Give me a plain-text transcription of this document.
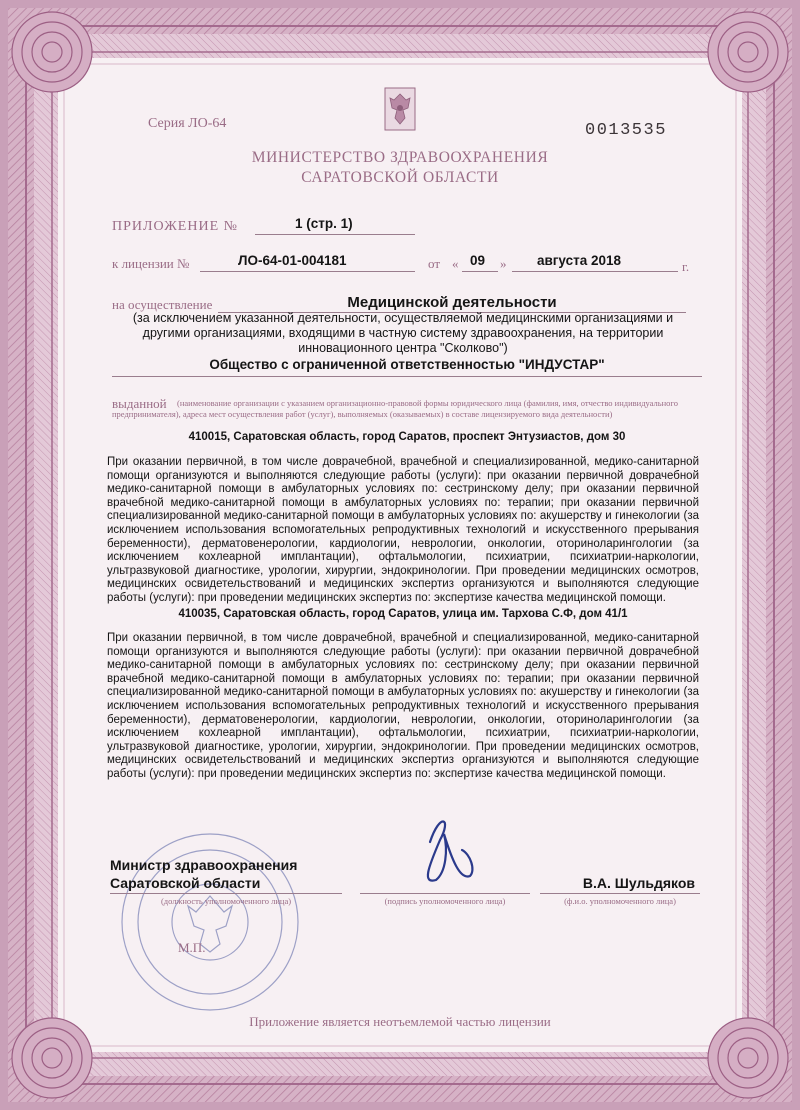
Серия ЛО-64	0013535
МИНИСТЕРСТВО ЗДРАВООХРАНЕНИЯ
САРАТОВСКОЙ ОБЛАСТИ
ПРИЛОЖЕНИЕ №	1 (стр. 1)
к лицензии №	ЛО-64-01-004181	от « 09 » августа 2018	г.
на осуществление	Медицинской деятельности
(за исключением указанной деятельности, осуществляемой медицинскими организациями и другими организациями, входящими в частную систему здравоохранения, на территории инновационного центра "Сколково")
Общество с ограниченной ответственностью "ИНДУСТАР"
выданной	(наименование организации с указанием организационно-правовой формы юридического лица (фамилия, имя, отчество индивидуального предпринимателя), адреса мест осуществления работ (услуг), выполняемых (оказываемых) в составе лицензируемого вида деятельности)
410015, Саратовская область, город Саратов, проспект Энтузиастов, дом 30
При оказании первичной, в том числе доврачебной, врачебной и специализированной, медико-санитарной помощи организуются и выполняются следующие работы (услуги): при оказании первичной доврачебной медико-санитарной помощи в амбулаторных условиях по: сестринскому делу; при оказании первичной врачебной медико-санитарной помощи в амбулаторных условиях по: терапии; при оказании первичной специализированной медико-санитарной помощи в амбулаторных условиях по: акушерству и гинекологии (за исключением использования вспомогательных репродуктивных технологий и искусственного прерывания беременности), дерматовенерологии, кардиологии, неврологии, онкологии, оториноларингологии (за исключением кохлеарной имплантации), офтальмологии, психиатрии, психиатрии-наркологии, ультразвуковой диагностике, урологии, хирургии, эндокринологии. При проведении медицинских осмотров, медицинских освидетельствований и медицинских экспертиз организуются и выполняются следующие работы (услуги): при проведении медицинских экспертиз по: экспертизе качества медицинской помощи.
410035, Саратовская область, город Саратов, улица им. Тархова С.Ф, дом 41/1
При оказании первичной, в том числе доврачебной, врачебной и специализированной, медико-санитарной помощи организуются и выполняются следующие работы (услуги): при оказании первичной доврачебной медико-санитарной помощи в амбулаторных условиях по: сестринскому делу; при оказании первичной врачебной медико-санитарной помощи в амбулаторных условиях по: терапии; при оказании первичной специализированной медико-санитарной помощи в амбулаторных условиях по: акушерству и гинекологии (за исключением использования вспомогательных репродуктивных технологий и искусственного прерывания беременности), дерматовенерологии, кардиологии, неврологии, онкологии, оториноларингологии (за исключением кохлеарной имплантации), офтальмологии, психиатрии, психиатрии-наркологии, ультразвуковой диагностике, урологии, хирургии, эндокринологии. При проведении медицинских осмотров, медицинских освидетельствований и медицинских экспертиз организуются и выполняются следующие работы (услуги): при проведении медицинских экспертиз по: экспертизе качества медицинской помощи.
Министр здравоохранения
Саратовской области
(должность уполномоченного лица)	(подпись уполномоченного лица)
В.А. Шульдяков
(ф.и.о. уполномоченного лица)
М.П.
Приложение является неотъемлемой частью лицензии
